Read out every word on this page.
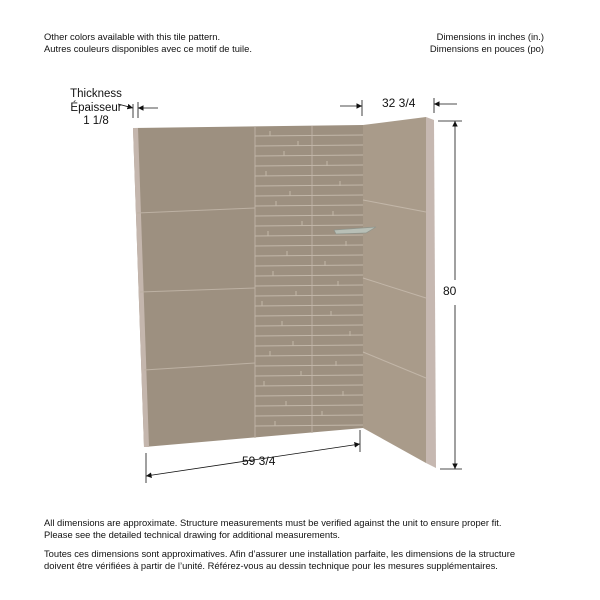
Other colors available with this tile pattern.
Autres couleurs disponibles avec ce motif de tuile.
Dimensions in inches (in.)
Dimensions en pouces (po)
Thickness
Épaisseur
1 1/8
32 3/4
80
59 3/4
All dimensions are approximate. Structure measurements must be verified against the unit to ensure proper fit.
Please see the detailed technical drawing for additional measurements.
Toutes ces dimensions sont approximatives. Afin d’assurer une installation parfaite, les dimensions de la structure
doivent être vérifiées à partir de l’unité. Référez-vous au dessin technique pour les mesures supplémentaires.
